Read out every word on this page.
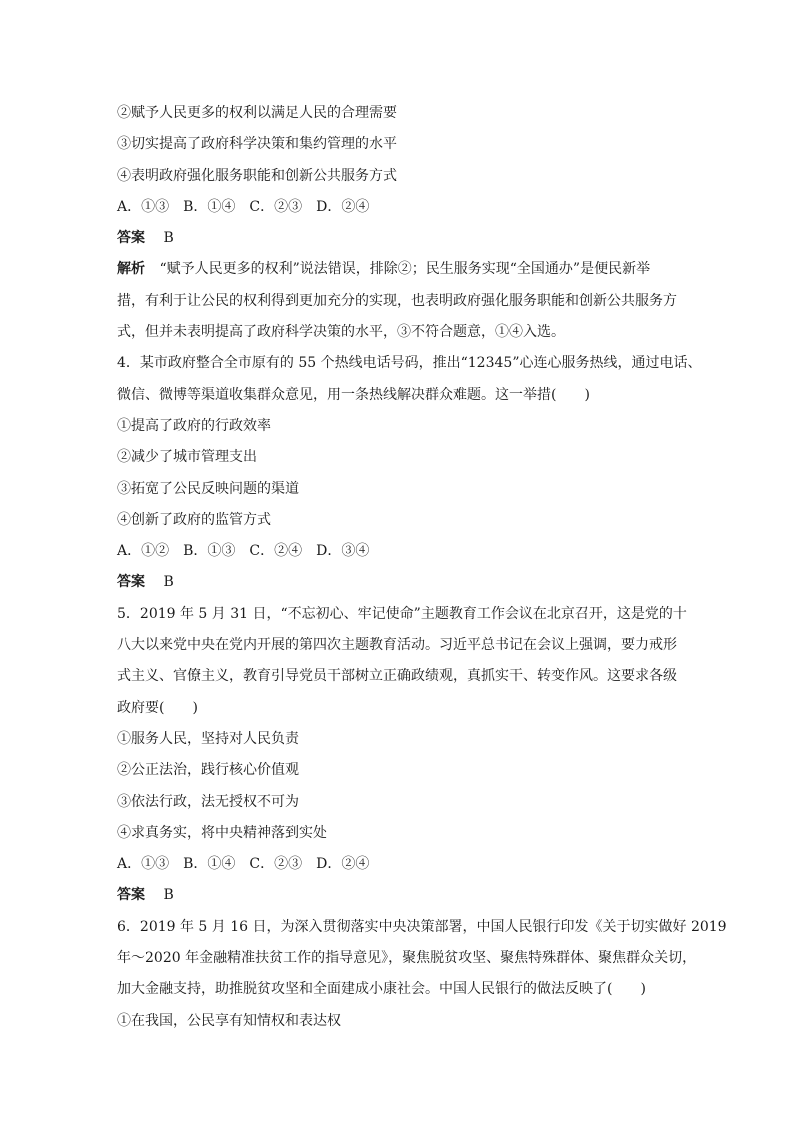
②赋予人民更多的权利以满足人民的合理需要
③切实提高了政府科学决策和集约管理的水平
④表明政府强化服务职能和创新公共服务方式
A．①③　B．①④　C．②③　D．②④
答案 B
解析 “赋予人民更多的权利”说法错误，排除②；民生服务实现“全国通办”是便民新举
措，有利于让公民的权利得到更加充分的实现，也表明政府强化服务职能和创新公共服务方
式，但并未表明提高了政府科学决策的水平，③不符合题意，①④入选。
4．某市政府整合全市原有的 55 个热线电话号码，推出“12345”心连心服务热线，通过电话、
微信、微博等渠道收集群众意见，用一条热线解决群众难题。这一举措(　　)
①提高了政府的行政效率
②减少了城市管理支出
③拓宽了公民反映问题的渠道
④创新了政府的监管方式
A．①②　B．①③　C．②④　D．③④
答案 B
5．2019 年 5 月 31 日，“不忘初心、牢记使命”主题教育工作会议在北京召开，这是党的十
八大以来党中央在党内开展的第四次主题教育活动。习近平总书记在会议上强调，要力戒形
式主义、官僚主义，教育引导党员干部树立正确政绩观，真抓实干、转变作风。这要求各级
政府要(　　)
①服务人民，坚持对人民负责
②公正法治，践行核心价值观
③依法行政，法无授权不可为
④求真务实，将中央精神落到实处
A．①③　B．①④　C．②③　D．②④
答案 B
6．2019 年 5 月 16 日，为深入贯彻落实中央决策部署，中国人民银行印发《关于切实做好 2019
年～2020 年金融精准扶贫工作的指导意见》，聚焦脱贫攻坚、聚焦特殊群体、聚焦群众关切，
加大金融支持，助推脱贫攻坚和全面建成小康社会。中国人民银行的做法反映了(　　)
①在我国，公民享有知情权和表达权
